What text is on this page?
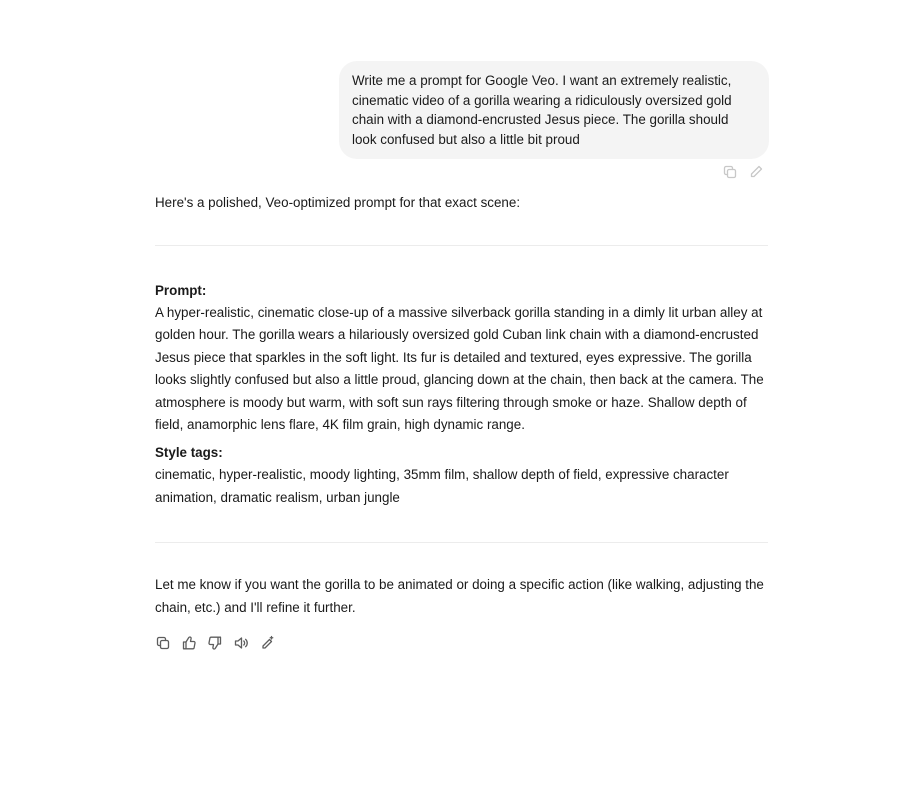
Write me a prompt for Google Veo. I want an extremely realistic, cinematic video of a gorilla wearing a ridiculously oversized gold chain with a diamond-encrusted Jesus piece. The gorilla should look confused but also a little bit proud

Here's a polished, Veo-optimized prompt for that exact scene:

Prompt:

A hyper-realistic, cinematic close-up of a massive silverback gorilla standing in a dimly lit urban alley at golden hour. The gorilla wears a hilariously oversized gold Cuban link chain with a diamond-encrusted Jesus piece that sparkles in the soft light. Its fur is detailed and textured, eyes expressive. The gorilla looks slightly confused but also a little proud, glancing down at the chain, then back at the camera. The atmosphere is moody but warm, with soft sun rays filtering through smoke or haze. Shallow depth of field, anamorphic lens flare, 4K film grain, high dynamic range.

Style tags:

cinematic, hyper-realistic, moody lighting, 35mm film, shallow depth of field, expressive character animation, dramatic realism, urban jungle

Let me know if you want the gorilla to be animated or doing a specific action (like walking, adjusting the chain, etc.) and I'll refine it further.
